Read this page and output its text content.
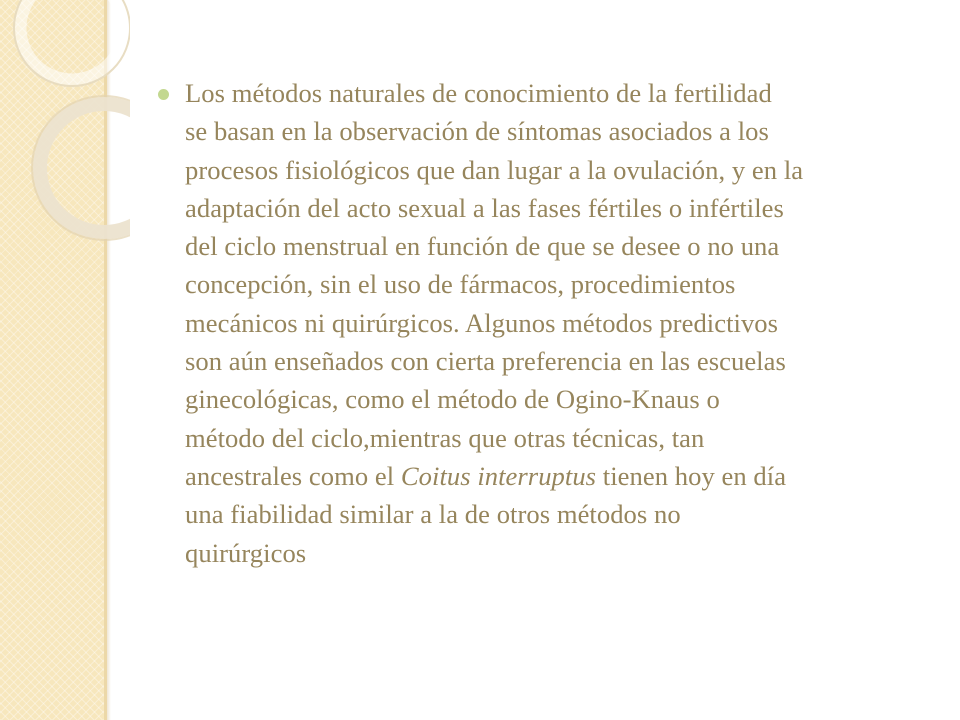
Los métodos naturales de conocimiento de la fertilidad
se basan en la observación de síntomas asociados a los
procesos fisiológicos que dan lugar a la ovulación, y en la
adaptación del acto sexual a las fases fértiles o infértiles
del ciclo menstrual en función de que se desee o no una
concepción, sin el uso de fármacos, procedimientos
mecánicos ni quirúrgicos. Algunos métodos predictivos
son aún enseñados con cierta preferencia en las escuelas
ginecológicas, como el método de Ogino-Knaus o
método del ciclo,mientras que otras técnicas, tan
ancestrales como el Coitus interruptus tienen hoy en día
una fiabilidad similar a la de otros métodos no
quirúrgicos
